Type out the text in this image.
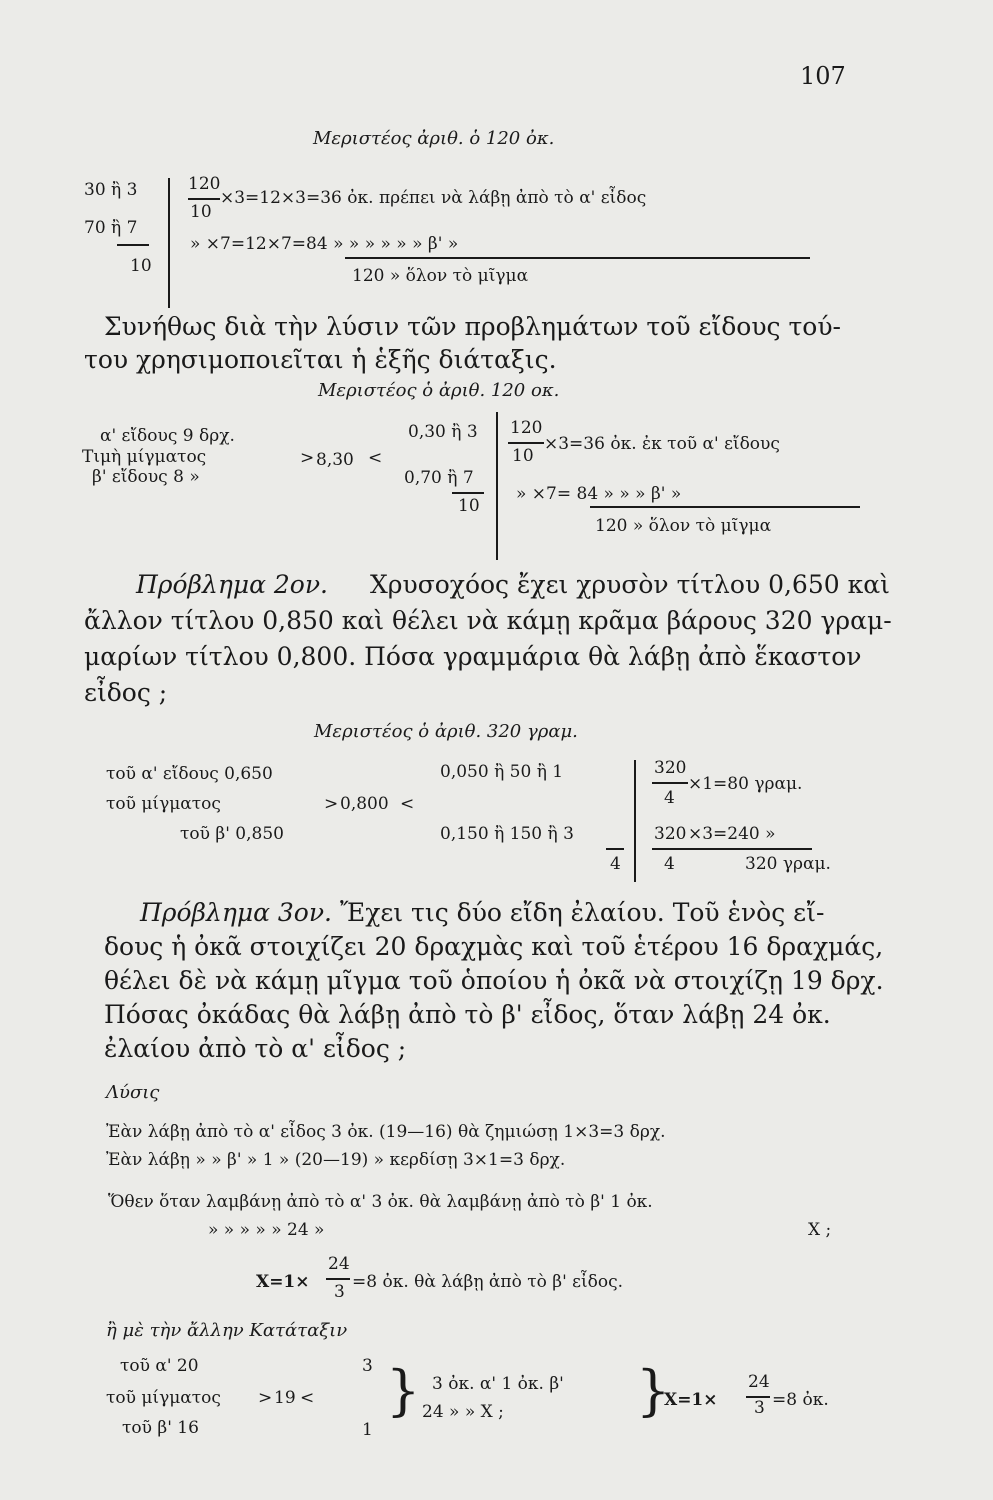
107
Μεριστέος ἀριθ. ὁ 120 ὀκ.
30 ἢ 3
70 ἢ 7
10
120
10
×3=12×3=36 ὀκ. πρέπει νὰ λάβῃ ἀπὸ τὸ α' εἶδος
» ×7=12×7=84 » » » » » » β' »
120 » ὅλον τὸ μῖγμα
Συνήθως διὰ τὴν λύσιν τῶν προβλημάτων τοῦ εἴδους τού-
του χρησιμοποιεῖται ἡ ἑξῆς διάταξις.
Μεριστέος ὁ ἀριθ. 120 οκ.
α' εἴδους 9 δρχ.
Τιμὴ μίγματος
β' εἴδους 8 »
> 8,30 <
0,30 ἢ 3
0,70 ἢ 7
10
120
10
×3=36 ὀκ. ἐκ τοῦ α' εἴδους
» ×7= 84 » » » β' »
120 » ὅλον τὸ μῖγμα
Πρόβλημα 2ον. Χρυσοχόος ἔχει χρυσὸν τίτλου 0,650 καὶ
ἄλλον τίτλου 0,850 καὶ θέλει νὰ κάμῃ κρᾶμα βάρους 320 γραμ-
μαρίων τίτλου 0,800. Πόσα γραμμάρια θὰ λάβῃ ἀπὸ ἕκαστον
εἶδος ;
Μεριστέος ὁ ἀριθ. 320 γραμ.
τοῦ α' εἴδους 0,650
τοῦ μίγματος
τοῦ β' 0,850
> 0,800 <
0,050 ἢ 50 ἢ 1
0,150 ἢ 150 ἢ 3
4
320
4
×1=80 γραμ.
320
4
×3=240 »
320 γραμ.
Πρόβλημα 3ον. Ἔχει τις δύο εἴδη ἐλαίου. Τοῦ ἑνὸς εἴ-
δους ἡ ὀκᾶ στοιχίζει 20 δραχμὰς καὶ τοῦ ἑτέρου 16 δραχμάς,
θέλει δὲ νὰ κάμῃ μῖγμα τοῦ ὁποίου ἡ ὀκᾶ νὰ στοιχίζῃ 19 δρχ.
Πόσας ὀκάδας θὰ λάβῃ ἀπὸ τὸ β' εἶδος, ὅταν λάβῃ 24 ὀκ.
ἐλαίου ἀπὸ τὸ α' εἶδος ;
Λύσις
Ἐὰν λάβῃ ἀπὸ τὸ α' εἶδος 3 ὀκ. (19—16) θὰ ζημιώσῃ 1×3=3 δρχ.
Ἐὰν λάβῃ » » β' » 1 » (20—19) » κερδίσῃ 3×1=3 δρχ.
Ὅθεν ὅταν λαμβάνῃ ἀπὸ τὸ α' 3 ὀκ. θὰ λαμβάνῃ ἀπὸ τὸ β' 1 ὀκ.
» » » » » 24 »	X ;
X=1×
24
3 =8 ὀκ. θὰ λάβῃ ἀπὸ τὸ β' εἶδος.
ἢ μὲ τὴν ἄλλην Κατάταξιν
τοῦ α' 20
τοῦ μίγματος
τοῦ β' 16
> 19 <
3
1
} 3 ὀκ. α' 1 ὀκ. β'
24 » » X ; }
X=1×
24
3 =8 ὀκ.
